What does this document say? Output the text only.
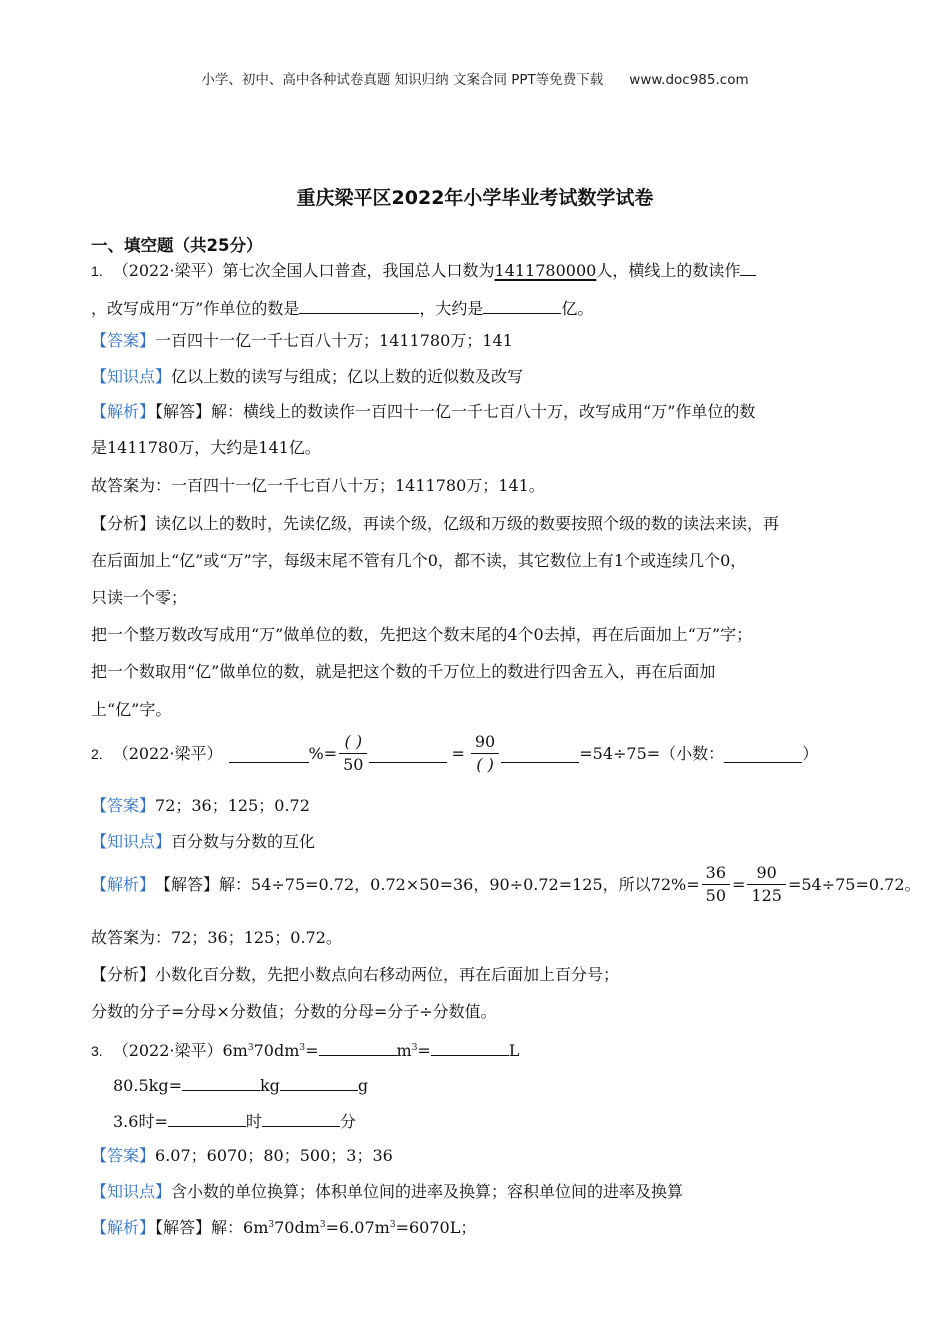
小学、初中、高中各种试卷真题 知识归纳 文案合同 PPT等免费下载 www.doc985.com
重庆梁平区2022年小学毕业考试数学试卷
一、填空题（共25分）
1. （2022·梁平）第七次全国人口普查，我国总人口数为1411780000人，横线上的数读作
，改写成用“万”作单位的数是	，大约是	亿。
【答案】一百四十一亿一千七百八十万；1411780万；141
【知识点】亿以上数的读写与组成；亿以上数的近似数及改写
【解析】【解答】解：横线上的数读作一百四十一亿一千七百八十万，改写成用“万”作单位的数
是1411780万，大约是141亿。
故答案为：一百四十一亿一千七百八十万；1411780万；141。
【分析】读亿以上的数时，先读亿级，再读个级，亿级和万级的数要按照个级的数的读法来读，再
在后面加上“亿”或“万”字，每级末尾不管有几个0，都不读，其它数位上有1个或连续几个0，
只读一个零；
把一个整万数改写成用“万”做单位的数，先把这个数末尾的4个0去掉，再在后面加上“万”字；
把一个数取用“亿”做单位的数，就是把这个数的千万位上的数进行四舍五入，再在后面加
上“亿”字。
2. （2022·梁平）	%= $\frac{( )}{50}$	= $\frac{90}{( )}$	=54÷75=（小数：	）
【答案】72；36；125；0.72
【知识点】百分数与分数的互化
【解析】 【解答】解：54÷75=0.72，0.72×50=36，90÷0.72=125，所以$72\%= \frac{36}{50} = \frac{90}{125} =54\div 75=0.72$。
故答案为：72；36；125；0.72。
【分析】小数化百分数，先把小数点向右移动两位，再在后面加上百分号；
分数的分子=分母×分数值；分数的分母=分子÷分数值。
3. （2022·梁平）$6m^370dm^3=$	$m^3=$	L
80.5kg=	kg	g
3.6时=	时	分
【答案】6.07；6070；80；500；3；36
【知识点】含小数的单位换算；体积单位间的进率及换算；容积单位间的进率及换算
【解析】【解答】解：$6m^370dm^3=6.07m^3=6070L$；
